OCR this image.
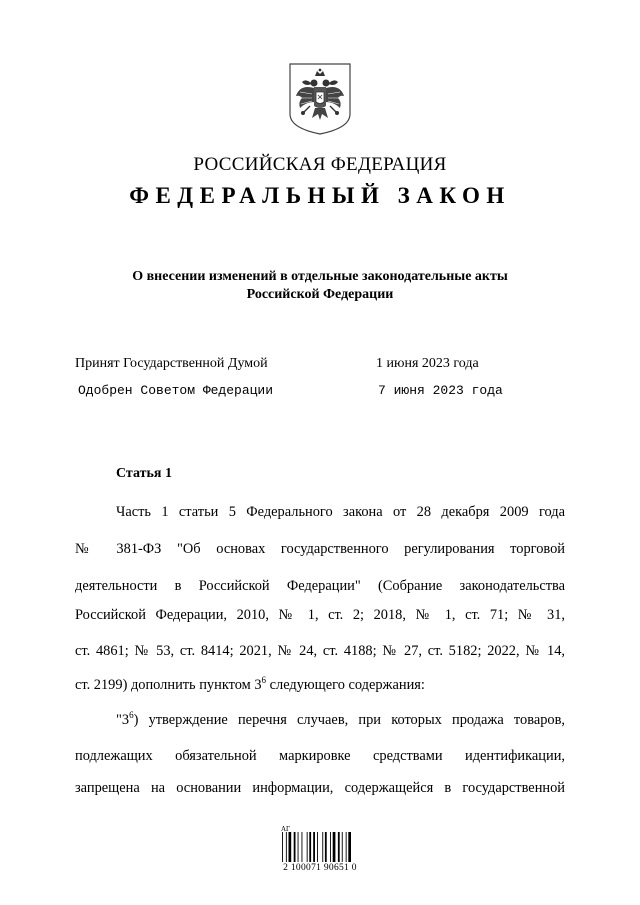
РОССИЙСКАЯ ФЕДЕРАЦИЯ
ФЕДЕРАЛЬНЫЙ ЗАКОН
О внесении изменений в отдельные законодательные акты
Российской Федерации
Принят Государственной Думой	1 июня 2023 года
Одобрен Советом Федерации	7 июня 2023 года
Статья 1
Часть 1 статьи 5 Федерального закона от 28 декабря 2009 года
№ 381-ФЗ "Об основах государственного регулирования торговой
деятельности в Российской Федерации" (Собрание законодательства
Российской Федерации, 2010, № 1, ст. 2; 2018, № 1, ст. 71; № 31,
ст. 4861; № 53, ст. 8414; 2021, № 24, ст. 4188; № 27, ст. 5182; 2022, № 14,
ст. 2199) дополнить пунктом $3^6$ следующего содержания:
"$3^6$) утверждение перечня случаев, при которых продажа товаров,
подлежащих обязательной маркировке средствами идентификации,
запрещена на основании информации, содержащейся в государственной
АГ
2 100071 90651 0
